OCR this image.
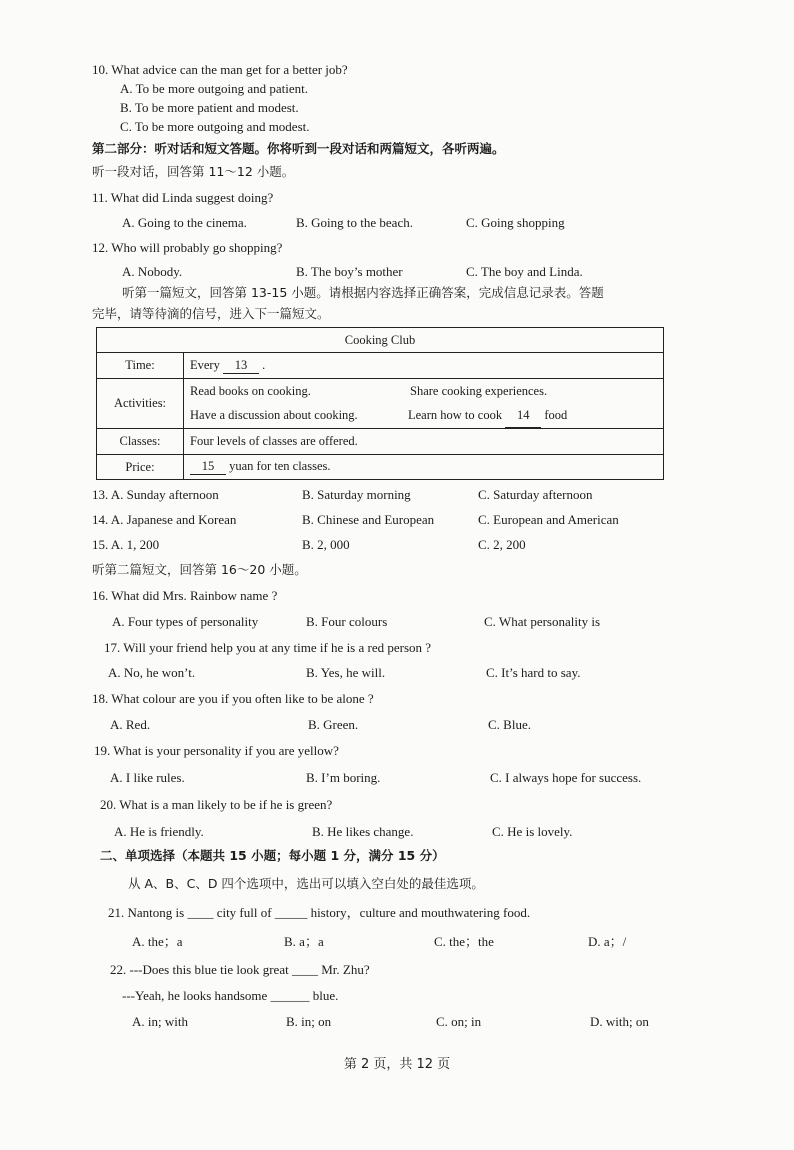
10. What advice can the man get for a better job?
A. To be more outgoing and patient.
B. To be more patient and modest.
C. To be more outgoing and modest.
第二部分：听对话和短文答题。你将听到一段对话和两篇短文，各听两遍。
听一段对话，回答第 11～12 小题。
11. What did Linda suggest doing?
A. Going to the cinema.	B. Going to the beach.	C. Going shopping
12. Who will probably go shopping?
A. Nobody.	B. The boy’s mother	C. The boy and Linda.
听第一篇短文，回答第 13-15 小题。请根据内容选择正确答案，完成信息记录表。答题
完毕，请等待滴的信号，进入下一篇短文。
Cooking Club	
Time:	Every 13 .
Activities:	Read books on cooking. Share cooking experiences.
Have a discussion about cooking. Learn how to cook 14 food

Classes:	Four levels of classes are offered.
Price:	15 yuan for ten classes.
13. A. Sunday afternoon	B. Saturday morning	C. Saturday afternoon
14. A. Japanese and Korean	B. Chinese and European	C. European and American
15. A. 1, 200	B. 2, 000	C. 2, 200
听第二篇短文，回答第 16～20 小题。
16. What did Mrs. Rainbow name ?
A. Four types of personality	B. Four colours	C. What personality is
17. Will your friend help you at any time if he is a red person ?
A. No, he won’t.	B. Yes, he will.	C. It’s hard to say.
18. What colour are you if you often like to be alone ?
A. Red.	B. Green.	C. Blue.
19. What is your personality if you are yellow?
A. I like rules.	B. I’m boring.	C. I always hope for success.
20. What is a man likely to be if he is green?
A. He is friendly.	B. He likes change.	C. He is lovely.
二、单项选择（本题共 15 小题；每小题 1 分，满分 15 分）
从 A、B、C、D 四个选项中，选出可以填入空白处的最佳选项。
21. Nantong is ____ city full of _____ history，culture and mouthwatering food.
A. the；a	B. a；a	C. the；the	D. a；/
22. ---Does this blue tie look great ____ Mr. Zhu?
---Yeah, he looks handsome ______ blue.
A. in; with	B. in; on	C. on; in	D. with; on
第 2 页，共 12 页
